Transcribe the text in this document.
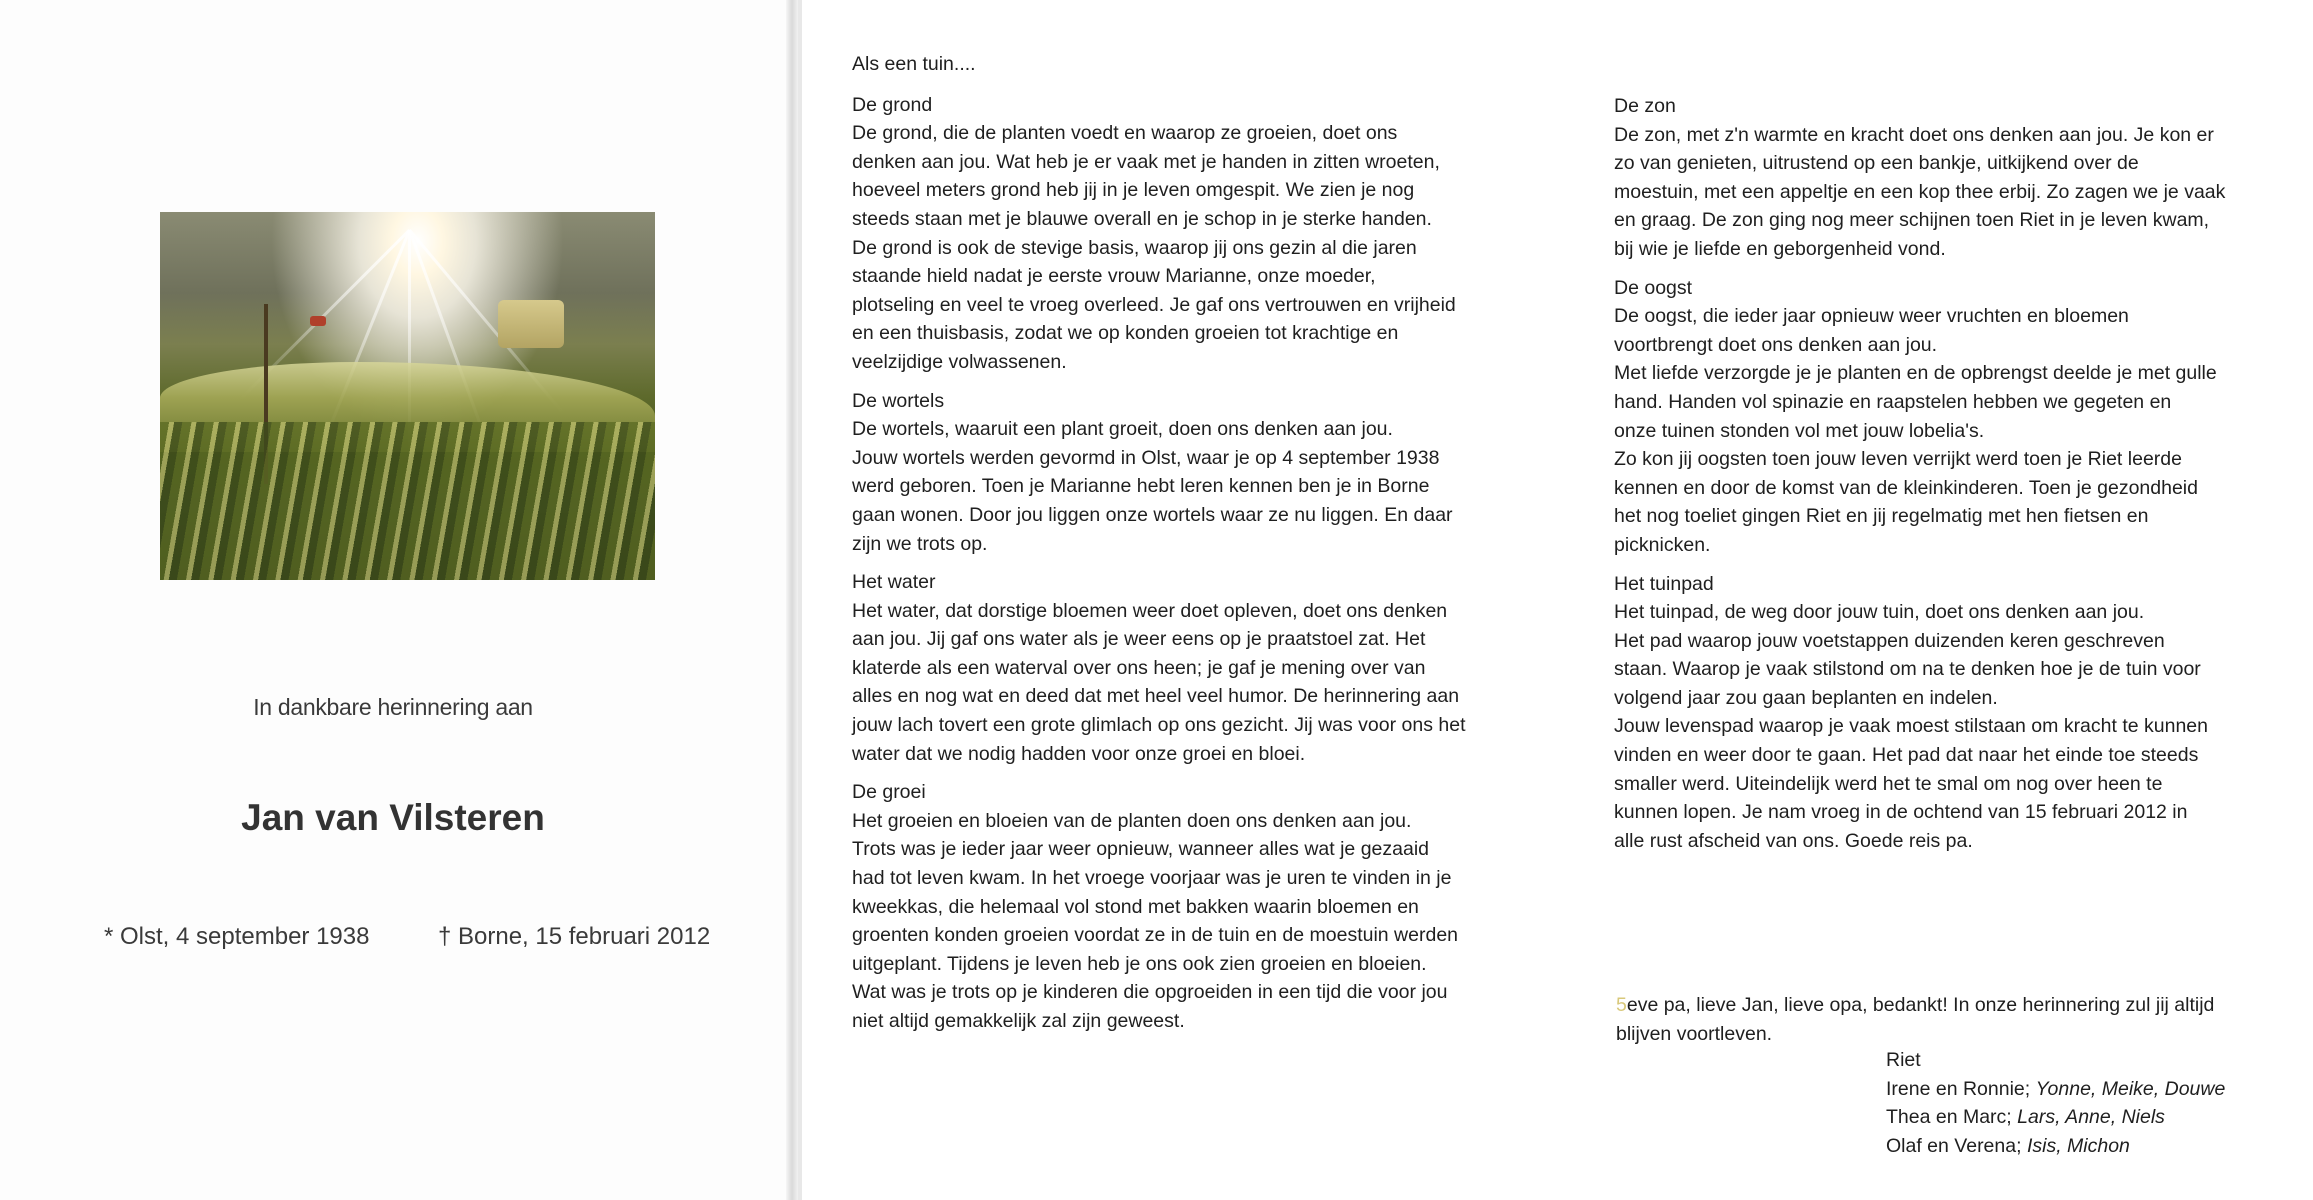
In dankbare herinnering aan
Jan van Vilsteren
* Olst, 4 september 1938	† Borne, 15 februari 2012

Als een tuin....

De grond

De grond, die de planten voedt en waarop ze groeien, doet ons

denken aan jou. Wat heb je er vaak met je handen in zitten wroeten,

hoeveel meters grond heb jij in je leven omgespit. We zien je nog

steeds staan met je blauwe overall en je schop in je sterke handen.

De grond is ook de stevige basis, waarop jij ons gezin al die jaren

staande hield nadat je eerste vrouw Marianne, onze moeder,

plotseling en veel te vroeg overleed. Je gaf ons vertrouwen en vrijheid

en een thuisbasis, zodat we op konden groeien tot krachtige en

veelzijdige volwassenen.

De wortels

De wortels, waaruit een plant groeit, doen ons denken aan jou.

Jouw wortels werden gevormd in Olst, waar je op 4 september 1938

werd geboren. Toen je Marianne hebt leren kennen ben je in Borne

gaan wonen. Door jou liggen onze wortels waar ze nu liggen. En daar

zijn we trots op.

Het water

Het water, dat dorstige bloemen weer doet opleven, doet ons denken

aan jou. Jij gaf ons water als je weer eens op je praatstoel zat. Het

klaterde als een waterval over ons heen; je gaf je mening over van

alles en nog wat en deed dat met heel veel humor. De herinnering aan

jouw lach tovert een grote glimlach op ons gezicht. Jij was voor ons het

water dat we nodig hadden voor onze groei en bloei.

De groei

Het groeien en bloeien van de planten doen ons denken aan jou.

Trots was je ieder jaar weer opnieuw, wanneer alles wat je gezaaid

had tot leven kwam. In het vroege voorjaar was je uren te vinden in je

kweekkas, die helemaal vol stond met bakken waarin bloemen en

groenten konden groeien voordat ze in de tuin en de moestuin werden

uitgeplant. Tijdens je leven heb je ons ook zien groeien en bloeien.

Wat was je trots op je kinderen die opgroeiden in een tijd die voor jou

niet altijd gemakkelijk zal zijn geweest.

De zon

De zon, met z'n warmte en kracht doet ons denken aan jou. Je kon er

zo van genieten, uitrustend op een bankje, uitkijkend over de

moestuin, met een appeltje en een kop thee erbij. Zo zagen we je vaak

en graag. De zon ging nog meer schijnen toen Riet in je leven kwam,

bij wie je liefde en geborgenheid vond.

De oogst

De oogst, die ieder jaar opnieuw weer vruchten en bloemen

voortbrengt doet ons denken aan jou.

Met liefde verzorgde je je planten en de opbrengst deelde je met gulle

hand. Handen vol spinazie en raapstelen hebben we gegeten en

onze tuinen stonden vol met jouw lobelia's.

Zo kon jij oogsten toen jouw leven verrijkt werd toen je Riet leerde

kennen en door de komst van de kleinkinderen. Toen je gezondheid

het nog toeliet gingen Riet en jij regelmatig met hen fietsen en

picknicken.

Het tuinpad

Het tuinpad, de weg door jouw tuin, doet ons denken aan jou.

Het pad waarop jouw voetstappen duizenden keren geschreven

staan. Waarop je vaak stilstond om na te denken hoe je de tuin voor

volgend jaar zou gaan beplanten en indelen.

Jouw levenspad waarop je vaak moest stilstaan om kracht te kunnen

vinden en weer door te gaan. Het pad dat naar het einde toe steeds

smaller werd. Uiteindelijk werd het te smal om nog over heen te

kunnen lopen. Je nam vroeg in de ochtend van 15 februari 2012 in

alle rust afscheid van ons. Goede reis pa.

5eve pa, lieve Jan, lieve opa, bedankt! In onze herinnering zul jij altijd
blijven voortleven.

Riet

Irene en Ronnie; Yonne, Meike, Douwe

Thea en Marc; Lars, Anne, Niels

Olaf en Verena; Isis, Michon
